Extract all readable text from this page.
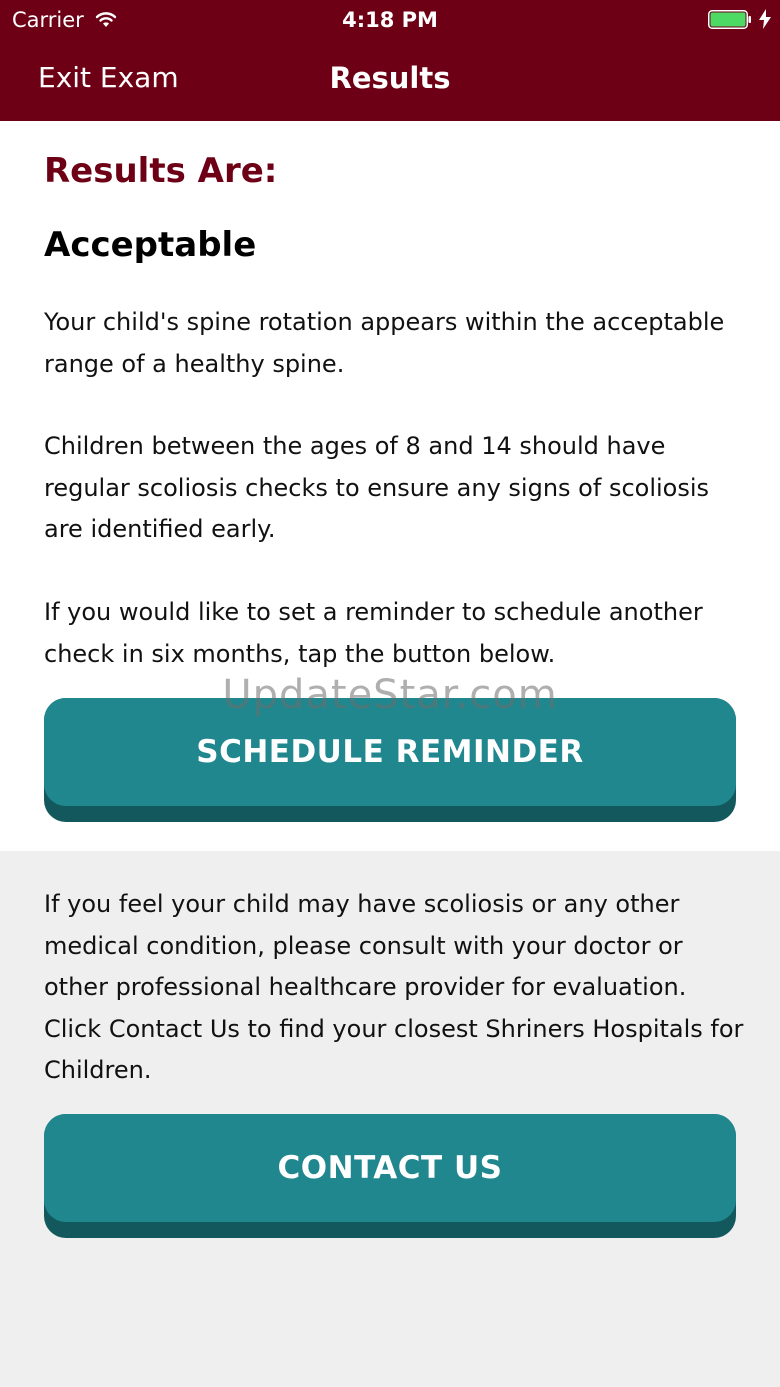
Carrier	4:18 PM
Exit Exam	Results
Results Are:
Acceptable

Your child's spine rotation appears within the acceptable range of a healthy spine.

Children between the ages of 8 and 14 should have regular scoliosis checks to ensure any signs of scoliosis are identified early.

If you would like to set a reminder to schedule another check in six months, tap the button below.

SCHEDULE REMINDER
UpdateStar.com

If you feel your child may have scoliosis or any other medical condition, please consult with your doctor or other professional healthcare provider for evaluation. Click Contact Us to find your closest Shriners Hospitals for Children.

CONTACT US
